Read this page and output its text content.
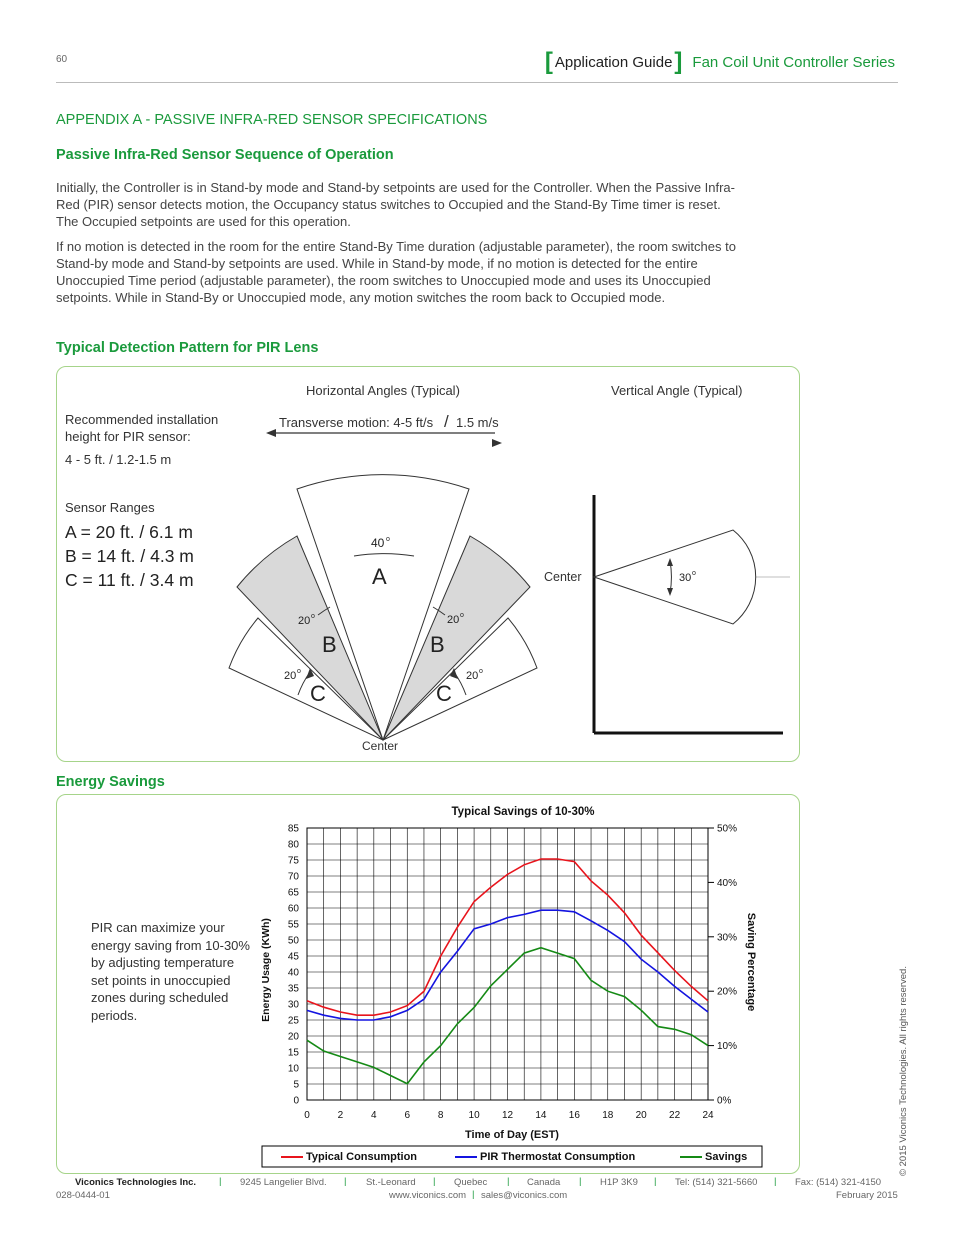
60	[ Application Guide ] Fan Coil Unit Controller Series
APPENDIX A - PASSIVE INFRA-RED SENSOR SPECIFICATIONS
Passive Infra-Red Sensor Sequence of Operation
Initially, the Controller is in Stand-by mode and Stand-by setpoints are used for the Controller. When the Passive Infra-Red (PIR) sensor detects motion, the Occupancy status switches to Occupied and the Stand-By Time timer is reset. The Occupied setpoints are used for this operation.
If no motion is detected in the room for the entire Stand-By Time duration (adjustable parameter), the room switches to Stand-by mode and Stand-by setpoints are used. While in Stand-by mode, if no motion is detected for the entire Unoccupied Time period (adjustable parameter), the room switches to Unoccupied mode and uses its Unoccupied setpoints. While in Stand-By or Unoccupied mode, any motion switches the room back to Occupied mode.
Typical Detection Pattern for PIR Lens
Horizontal Angles (Typical)	Vertical Angle (Typical)
Recommended installation height for PIR sensor:
4 - 5 ft. / 1.2-1.5 m
Sensor Ranges
A = 20 ft. / 6.1 m
B = 14 ft. / 4.3 m
C = 11 ft. / 3.4 m
Transverse motion: 4-5 ft/s / 1.5 m/s
40 o
20 o	20 o
20 o	20 o
A
B	B
C	C
Center
Center	30 o
Energy Savings
PIR can maximize your energy saving from 10-30% by adjusting temperature set points in unoccupied zones during scheduled periods.
Typical Savings of 10-30%
Time of Day (EST)
Energy Usage (KWh)	Saving Percentage
0
5
10
15
20
25
30
35
40
45
50
55
60
65
70
75
80
85
0	2	4	6	8	10 12 14 16 18 20 22 24
0%
10%
20%
30%
40%
50%
Typical Consumption	PIR Thermostat Consumption	Savings
Viconics Technologies Inc. | 9245 Langelier Blvd. | St.-Leonard | Quebec | Canada | H1P 3K9 | Tel: (514) 321-5660 | Fax: (514) 321-4150
028-0444-01	www.viconics.com | sales@viconics.com	February 2015
© 2015 Viconics Technologies. All rights reserved.
